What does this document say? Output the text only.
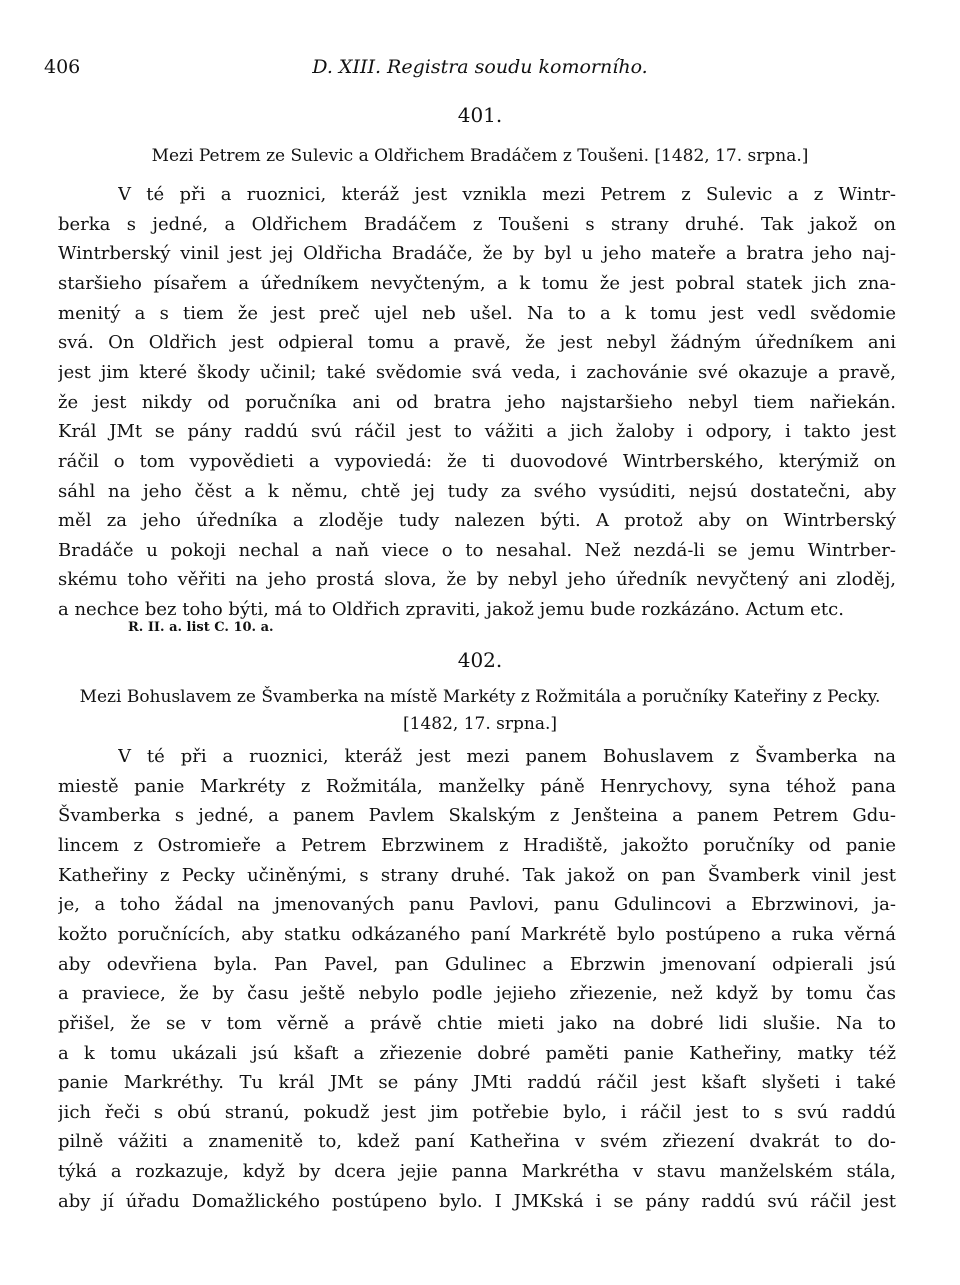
406	D. XIII. Registra soudu komorního.
401.
Mezi Petrem ze Sulevic a Oldřichem Bradáčem z Toušeni. [1482, 17. srpna.]
V té při a ruoznici, kteráž jest vznikla mezi Petrem z Sulevic a z Wintr-
berka s jedné, a Oldřichem Bradáčem z Toušeni s strany druhé. Tak jakož on
Wintrberský vinil jest jej Oldřicha Bradáče, že by byl u jeho mateře a bratra jeho naj-
staršieho písařem a úředníkem nevyčteným, a k tomu že jest pobral statek jich zna-
menitý a s tiem že jest preč ujel neb ušel. Na to a k tomu jest vedl svědomie
svá. On Oldřich jest odpieral tomu a pravě, že jest nebyl žádným úředníkem ani
jest jim které škody učinil; také svědomie svá veda, i zachovánie své okazuje a pravě,
že jest nikdy od poručníka ani od bratra jeho najstaršieho nebyl tiem nařiekán.
Král JMt se pány raddú svú ráčil jest to vážiti a jich žaloby i odpory, i takto jest
ráčil o tom vypovědieti a vypoviedá: že ti duovodové Wintrberského, kterýmiž on
sáhl na jeho čěst a k němu, chtě jej tudy za svého vysúditi, nejsú dostatečni, aby
měl za jeho úředníka a zloděje tudy nalezen býti. A protož aby on Wintrberský
Bradáče u pokoji nechal a naň viece o to nesahal. Než nezdá-li se jemu Wintrber-
skému toho věřiti na jeho prostá slova, že by nebyl jeho úředník nevyčtený ani zloděj,
a nechce bez toho býti, má to Oldřich zpraviti, jakož jemu bude rozkázáno. Actum etc.
R. II. a. list C. 10. a.
402.
Mezi Bohuslavem ze Švamberka na místě Markéty z Rožmitála a poručníky Kateřiny z Pecky.
[1482, 17. srpna.]
V té při a ruoznici, kteráž jest mezi panem Bohuslavem z Švamberka na
miestě panie Markréty z Rožmitála, manželky páně Henrychovy, syna téhož pana
Švamberka s jedné, a panem Pavlem Skalským z Jenšteina a panem Petrem Gdu-
lincem z Ostromieře a Petrem Ebrzwinem z Hradiště, jakožto poručníky od panie
Katheřiny z Pecky učiněnými, s strany druhé. Tak jakož on pan Švamberk vinil jest
je, a toho žádal na jmenovaných panu Pavlovi, panu Gdulincovi a Ebrzwinovi, ja-
kožto poručnících, aby statku odkázaného paní Markrétě bylo postúpeno a ruka věrná
aby odevřiena byla. Pan Pavel, pan Gdulinec a Ebrzwin jmenovaní odpierali jsú
a praviece, že by času ještě nebylo podle jejieho zřiezenie, než když by tomu čas
přišel, že se v tom věrně a právě chtie mieti jako na dobré lidi slušie. Na to
a k tomu ukázali jsú kšaft a zřiezenie dobré paměti panie Katheřiny, matky též
panie Markréthy. Tu král JMt se pány JMti raddú ráčil jest kšaft slyšeti i také
jich řeči s obú stranú, pokudž jest jim potřebie bylo, i ráčil jest to s svú raddú
pilně vážiti a znamenitě to, kdež paní Katheřina v svém zřiezení dvakrát to do-
týká a rozkazuje, když by dcera jejie panna Markrétha v stavu manželském stála,
aby jí úřadu Domažlického postúpeno bylo. I JMKská i se pány raddú svú ráčil jest
